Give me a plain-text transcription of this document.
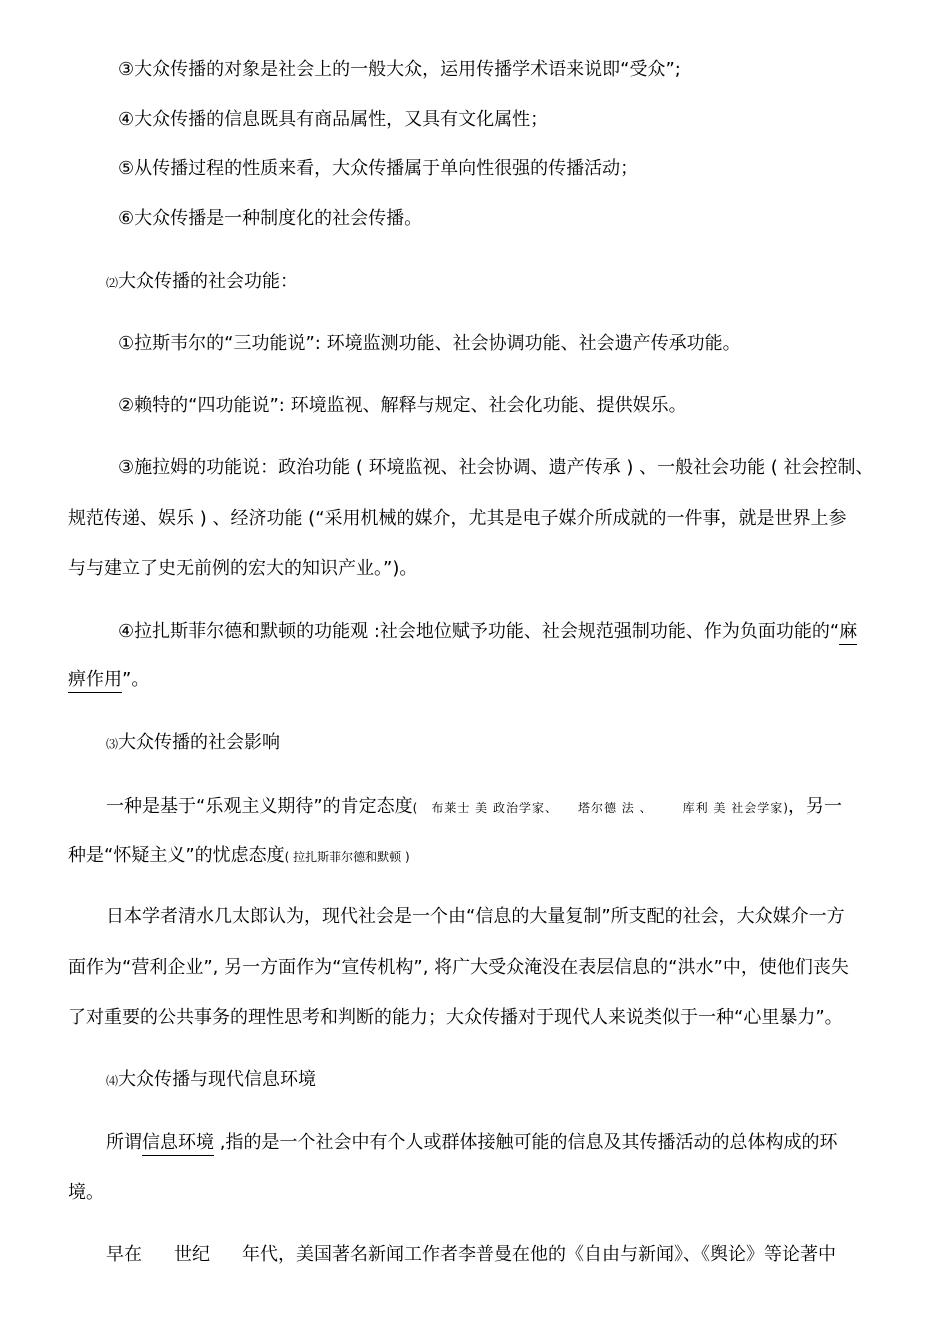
③大众传播的对象是社会上的一般大众，运用传播学术语来说即“受众”;
④大众传播的信息既具有商品属性，又具有文化属性；
⑤从传播过程的性质来看，大众传播属于单向性很强的传播活动；
⑥大众传播是一种制度化的社会传播。
⑵大众传播的社会功能：
①拉斯韦尔的“三功能说”: 环境监测功能、社会协调功能、社会遗产传承功能。
②赖特的“四功能说”: 环境监视、解释与规定、社会化功能、提供娱乐。
③施拉姆的功能说：政治功能 ( 环境监视、社会协调、遗产传承 ) 、一般社会功能 ( 社会控制、
规范传递、娱乐 ) 、经济功能 (“采用机械的媒介，尤其是电子媒介所成就的一件事，就是世界上参
与与建立了史无前例的宏大的知识产业。”)。
④拉扎斯菲尔德和默顿的功能观 :社会地位赋予功能、社会规范强制功能、作为负面功能的“麻
痹作用”。
⑶大众传播的社会影响
一种是基于“乐观主义期待”的肯定态度( 布莱士 美 政治学家、 塔尔德 法 、	库利 美 社会学家)，另一
种是“怀疑主义”的忧虑态度( 拉扎斯菲尔德和默顿 )
日本学者清水几太郎认为，现代社会是一个由“信息的大量复制”所支配的社会，大众媒介一方
面作为“营利企业”, 另一方面作为“宣传机构”, 将广大受众淹没在表层信息的“洪水”中，使他们丧失
了对重要的公共事务的理性思考和判断的能力；大众传播对于现代人来说类似于一种“心里暴力”。
⑷大众传播与现代信息环境
所谓信息环境 ,指的是一个社会中有个人或群体接触可能的信息及其传播活动的总体构成的环
境。
早在 世纪 年代，美国著名新闻工作者李普曼在他的《自由与新闻》、《舆论》等论著中
